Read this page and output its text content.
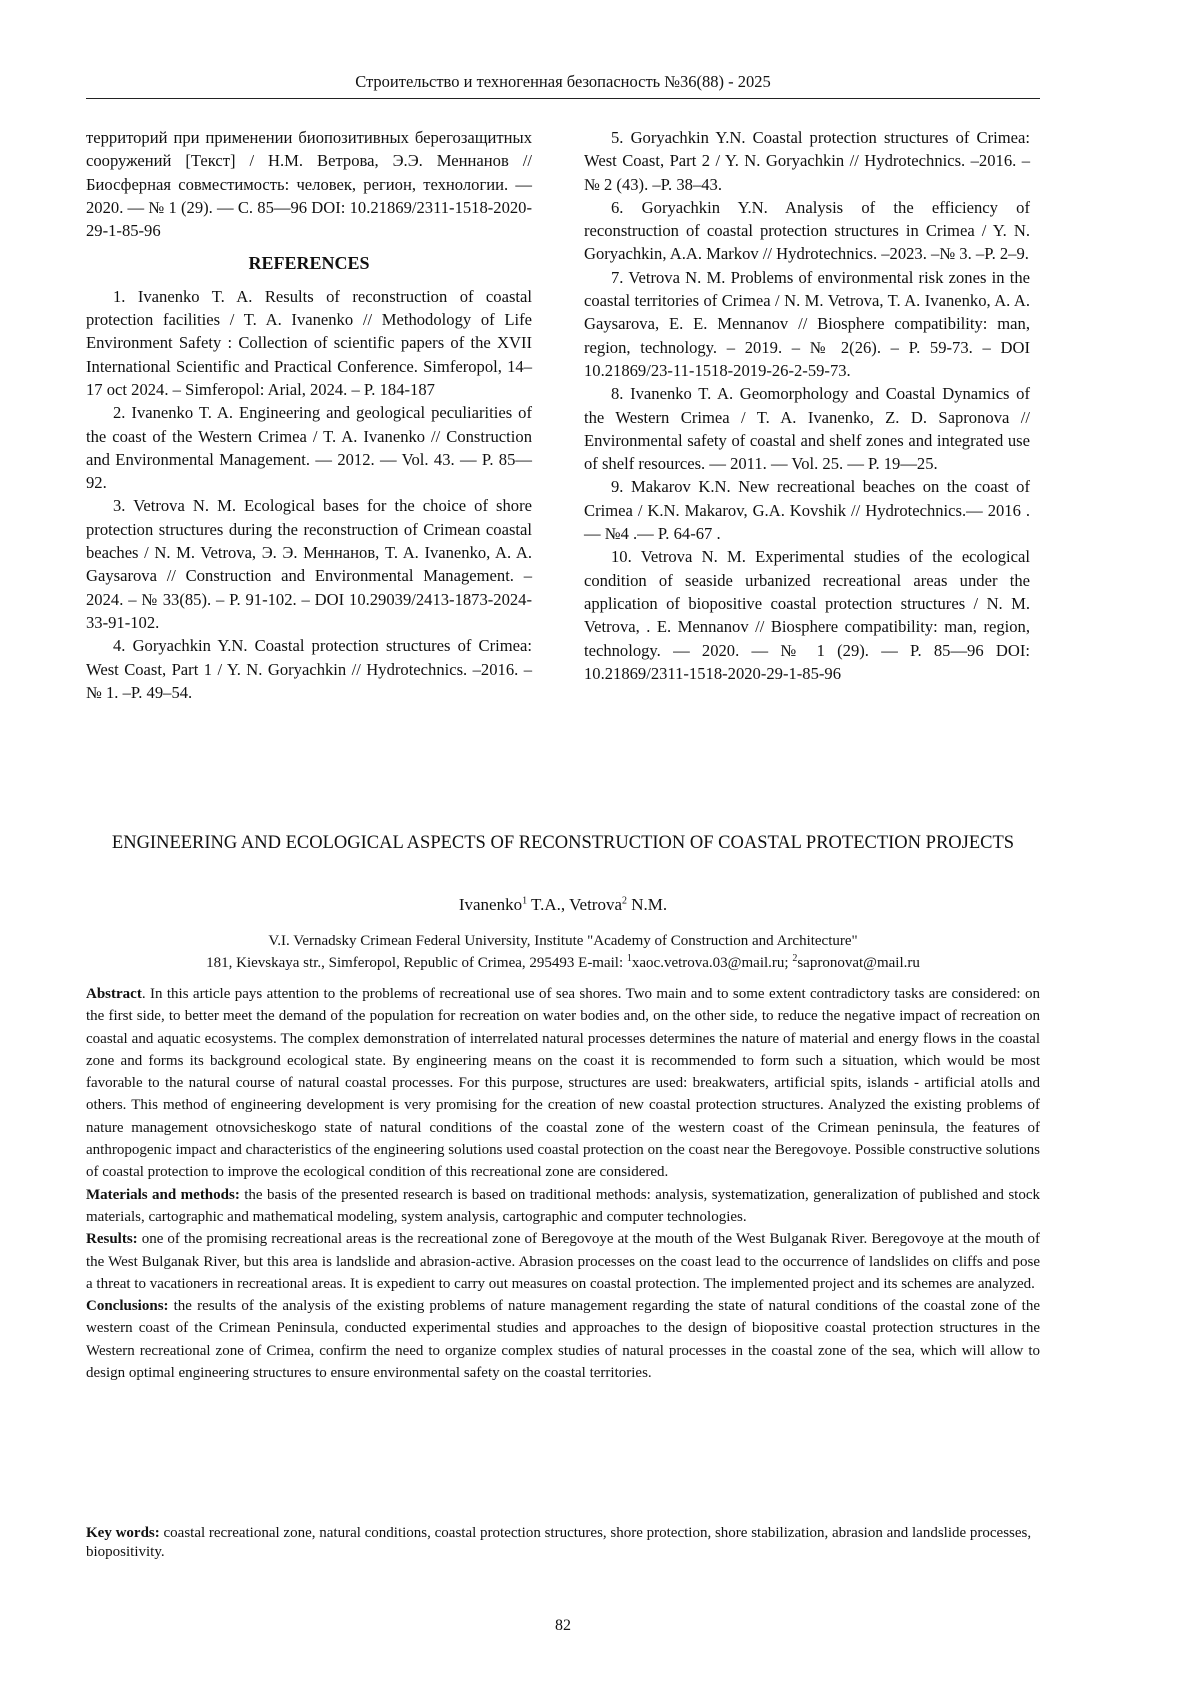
Строительство и техногенная безопасность №36(88) - 2025

территорий при применении биопозитивных берегозащитных сооружений [Текст] / Н.М. Ветрова, Э.Э. Меннанов // Биосферная совместимость: человек, регион, технологии. — 2020. — № 1 (29). — С. 85—96 DOI: 10.21869/2311-1518-2020-29-1-85-96

REFERENCES

1. Ivanenko T. A. Results of reconstruction of coastal protection facilities / T. A. Ivanenko // Methodology of Life Environment Safety : Collection of scientific papers of the XVII International Scientific and Practical Conference. Simferopol, 14–17 oct 2024. – Simferopol: Arial, 2024. – P. 184-187

2. Ivanenko T. A. Engineering and geological peculiarities of the coast of the Western Crimea / T. A. Ivanenko // Construction and Environmental Management. — 2012. — Vol. 43. — P. 85—92.

3. Vetrova N. M. Ecological bases for the choice of shore protection structures during the reconstruction of Crimean coastal beaches / N. M. Vetrova, Э. Э. Меннанов, T. A. Ivanenko, A. A. Gaysarova // Construction and Environmental Management. – 2024. – № 33(85). – P. 91-102. – DOI 10.29039/2413-1873-2024-33-91-102.

4. Goryachkin Y.N. Coastal protection structures of Crimea: West Coast, Part 1 / Y. N. Goryachkin // Hydrotechnics. –2016. –№ 1. –P. 49–54.

5. Goryachkin Y.N. Coastal protection structures of Crimea: West Coast, Part 2 / Y. N. Goryachkin // Hydrotechnics. –2016. –№ 2 (43). –P. 38–43.

6. Goryachkin Y.N. Analysis of the efficiency of reconstruction of coastal protection structures in Crimea / Y. N. Goryachkin, A.A. Markov // Hydrotechnics. –2023. –№ 3. –P. 2–9.

7. Vetrova N. M. Problems of environmental risk zones in the coastal territories of Crimea / N. M. Vetrova, T. A. Ivanenko, A. A. Gaysarova, E. E. Mennanov // Biosphere compatibility: man, region, technology. – 2019. – № 2(26). – P. 59-73. – DOI 10.21869/23-11-1518-2019-26-2-59-73.

8. Ivanenko T. A. Geomorphology and Coastal Dynamics of the Western Crimea / T. A. Ivanenko, Z. D. Sapronova // Environmental safety of coastal and shelf zones and integrated use of shelf resources. — 2011. — Vol. 25. — P. 19—25.

9. Makarov K.N. New recreational beaches on the coast of Crimea / K.N. Makarov, G.A. Kovshik // Hydrotechnics.— 2016 .— №4 .— P. 64-67 .

10. Vetrova N. M. Experimental studies of the ecological condition of seaside urbanized recreational areas under the application of biopositive coastal protection structures / N. M. Vetrova, . E. Mennanov // Biosphere compatibility: man, region, technology. — 2020. — № 1 (29). — P. 85—96 DOI: 10.21869/2311-1518-2020-29-1-85-96

ENGINEERING AND ECOLOGICAL ASPECTS OF RECONSTRUCTION OF COASTAL PROTECTION PROJECTS
Ivanenko$^1$ T.A., Vetrova$^2$ N.M.

V.I. Vernadsky Crimean Federal University, Institute "Academy of Construction and Architecture"

181, Kievskaya str., Simferopol, Republic of Crimea, 295493 E-mail: $^1$xaoc.vetrova.03@mail.ru; $^2$sapronovat@mail.ru

Abstract. In this article pays attention to the problems of recreational use of sea shores. Two main and to some extent contradictory tasks are considered: on the first side, to better meet the demand of the population for recreation on water bodies and, on the other side, to reduce the negative impact of recreation on coastal and aquatic ecosystems. The complex demonstration of interrelated natural processes determines the nature of material and energy flows in the coastal zone and forms its background ecological state. By engineering means on the coast it is recommended to form such a situation, which would be most favorable to the natural course of natural coastal processes. For this purpose, structures are used: breakwaters, artificial spits, islands - artificial atolls and others. This method of engineering development is very promising for the creation of new coastal protection structures. Analyzed the existing problems of nature management otnovsicheskogo state of natural conditions of the coastal zone of the western coast of the Crimean peninsula, the features of anthropogenic impact and characteristics of the engineering solutions used coastal protection on the coast near the Beregovoye. Possible constructive solutions of coastal protection to improve the ecological condition of this recreational zone are considered.

Materials and methods: the basis of the presented research is based on traditional methods: analysis, systematization, generalization of published and stock materials, cartographic and mathematical modeling, system analysis, cartographic and computer technologies.

Results: one of the promising recreational areas is the recreational zone of Beregovoye at the mouth of the West Bulganak River. Beregovoye at the mouth of the West Bulganak River, but this area is landslide and abrasion-active. Abrasion processes on the coast lead to the occurrence of landslides on cliffs and pose a threat to vacationers in recreational areas. It is expedient to carry out measures on coastal protection. The implemented project and its schemes are analyzed.

Conclusions: the results of the analysis of the existing problems of nature management regarding the state of natural conditions of the coastal zone of the western coast of the Crimean Peninsula, conducted experimental studies and approaches to the design of biopositive coastal protection structures in the Western recreational zone of Crimea, confirm the need to organize complex studies of natural processes in the coastal zone of the sea, which will allow to design optimal engineering structures to ensure environmental safety on the coastal territories.

Key words: coastal recreational zone, natural conditions, coastal protection structures, shore protection, shore stabilization, abrasion and landslide processes, biopositivity.

82
